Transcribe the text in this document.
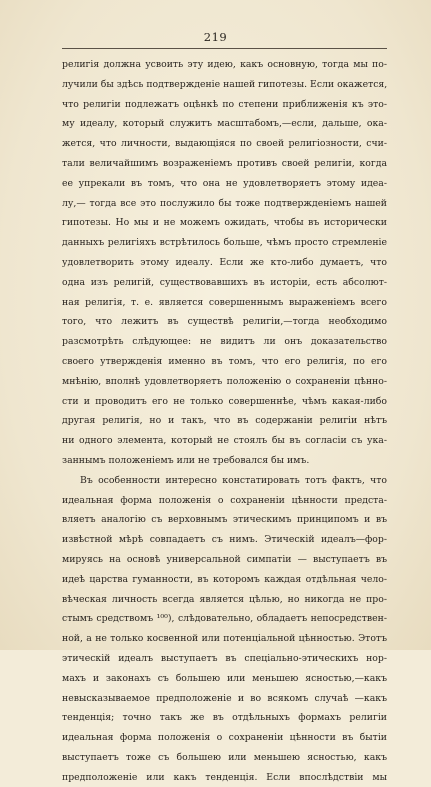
219
религія должна усвоить эту идею, какъ основную, тогда мы по-
лучили бы здѣсь подтвержденіе нашей гипотезы. Если окажется,
что религіи подлежатъ оцѣнкѣ по степени приближенія къ это-
му идеалу, который служитъ масштабомъ,—если, дальше, ока-
жется, что личности, выдающіяся по своей религіозности, счи-
тали величайшимъ возраженіемъ противъ своей религіи, когда
ее упрекали въ томъ, что она не удовлетворяетъ этому идеа-
лу,— тогда все это послужило бы тоже подтвержденіемъ нашей
гипотезы. Но мы и не можемъ ожидать, чтобы въ исторически
данныхъ религіяхъ встрѣтилось больше, чѣмъ просто стремленіе
удовлетворить этому идеалу. Если же кто-либо думаетъ, что
одна изъ религій, существовавшихъ въ исторіи, есть абсолют-
ная религія, т. е. является совершеннымъ выраженіемъ всего
того, что лежитъ въ существѣ религіи,—тогда необходимо
разсмотрѣть слѣдующее: не видитъ ли онъ доказательство
своего утвержденія именно въ томъ, что его религія, по его
мнѣнію, вполнѣ удовлетворяетъ положенію о сохраненіи цѣнно-
сти и проводитъ его не только совершеннѣе, чѣмъ какая-либо
другая религія, но и такъ, что въ содержаніи религіи нѣтъ
ни одного элемента, который не стоялъ бы въ согласіи съ ука-
заннымъ положеніемъ или не требовался бы имъ.
Въ особенности интересно констатировать тотъ фактъ, что
идеальная форма положенія о сохраненіи цѣнности предста-
вляетъ аналогію съ верховнымъ этическимъ принципомъ и въ
извѣстной мѣрѣ совпадаетъ съ нимъ. Этическій идеалъ—фор-
мируясь на основѣ универсальной симпатіи — выступаетъ въ
идеѣ царства гуманности, въ которомъ каждая отдѣльная чело-
вѣческая личность всегда является цѣлью, но никогда не про-
стымъ средствомъ ¹⁰⁰), слѣдовательно, обладаетъ непосредствен-
ной, а не только косвенной или потенціальной цѣнностью. Этотъ
этическій идеалъ выступаетъ въ спеціально-этическихъ нор-
махъ и законахъ съ большею или меньшею ясностью,—какъ
невысказываемое предположеніе и во всякомъ случаѣ —какъ
тенденція; точно такъ же въ отдѣльныхъ формахъ религіи
идеальная форма положенія о сохраненіи цѣнности въ бытіи
выступаетъ тоже съ большею или меньшею ясностью, какъ
предположеніе или какъ тенденція. Если впослѣдствіи мы
